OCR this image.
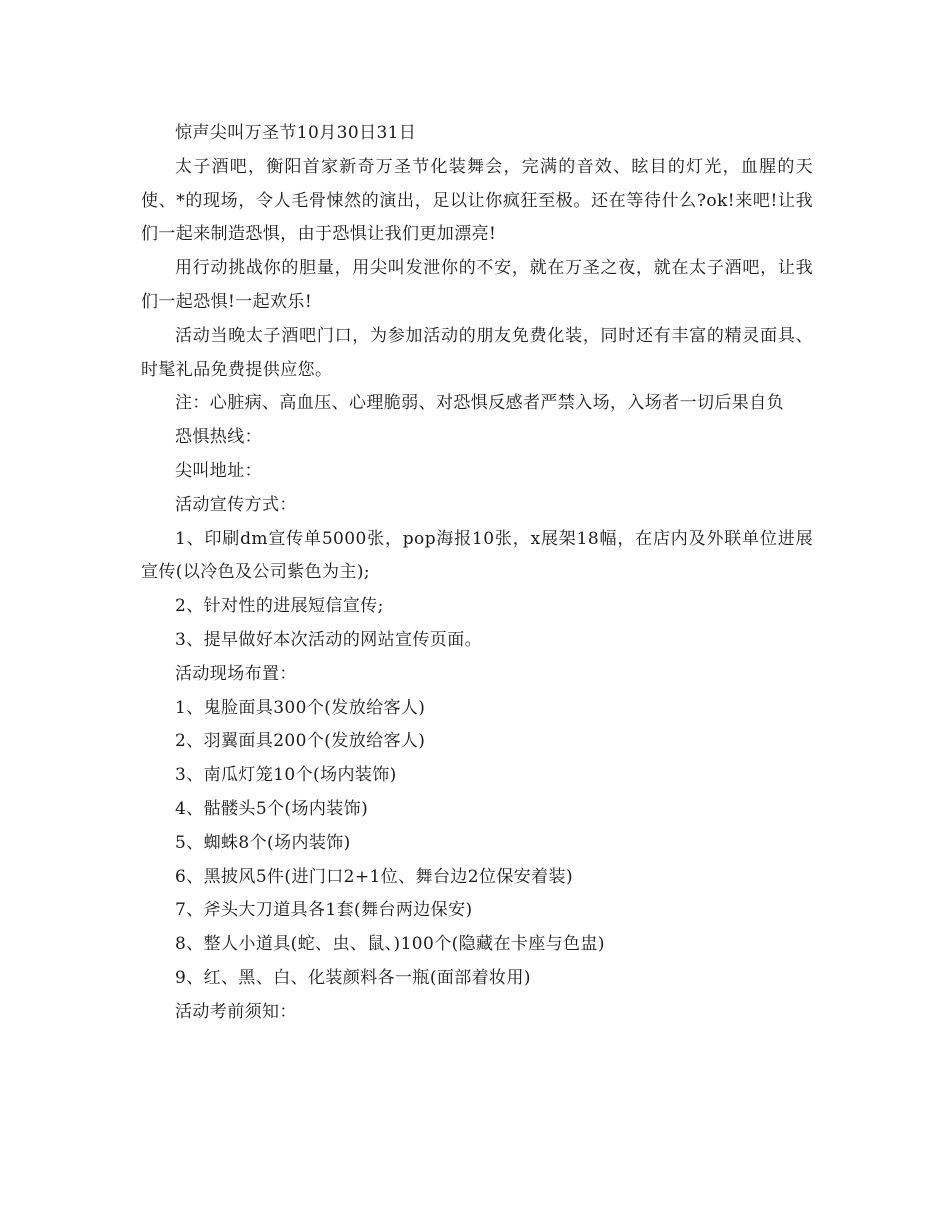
惊声尖叫万圣节10月30日31日

太子酒吧，衡阳首家新奇万圣节化装舞会，完满的音效、眩目的灯光，血腥的天使、*的现场，令人毛骨悚然的演出，足以让你疯狂至极。还在等待什么?ok!来吧!让我们一起来制造恐惧，由于恐惧让我们更加漂亮!

用行动挑战你的胆量，用尖叫发泄你的不安，就在万圣之夜，就在太子酒吧，让我们一起恐惧!一起欢乐!

活动当晚太子酒吧门口，为参加活动的朋友免费化装，同时还有丰富的精灵面具、时髦礼品免费提供应您。

注：心脏病、高血压、心理脆弱、对恐惧反感者严禁入场，入场者一切后果自负

恐惧热线：

尖叫地址：

活动宣传方式：

1、印刷dm宣传单5000张，pop海报10张，x展架18幅，在店内及外联单位进展宣传(以冷色及公司紫色为主);

2、针对性的进展短信宣传;

3、提早做好本次活动的网站宣传页面。

活动现场布置：

1、鬼脸面具300个(发放给客人)

2、羽翼面具200个(发放给客人)

3、南瓜灯笼10个(场内装饰)

4、骷髅头5个(场内装饰)

5、蜘蛛8个(场内装饰)

6、黑披风5件(进门口2+1位、舞台边2位保安着装)

7、斧头大刀道具各1套(舞台两边保安)

8、整人小道具(蛇、虫、鼠、)100个(隐藏在卡座与色盅)

9、红、黑、白、化装颜料各一瓶(面部着妆用)

活动考前须知：
